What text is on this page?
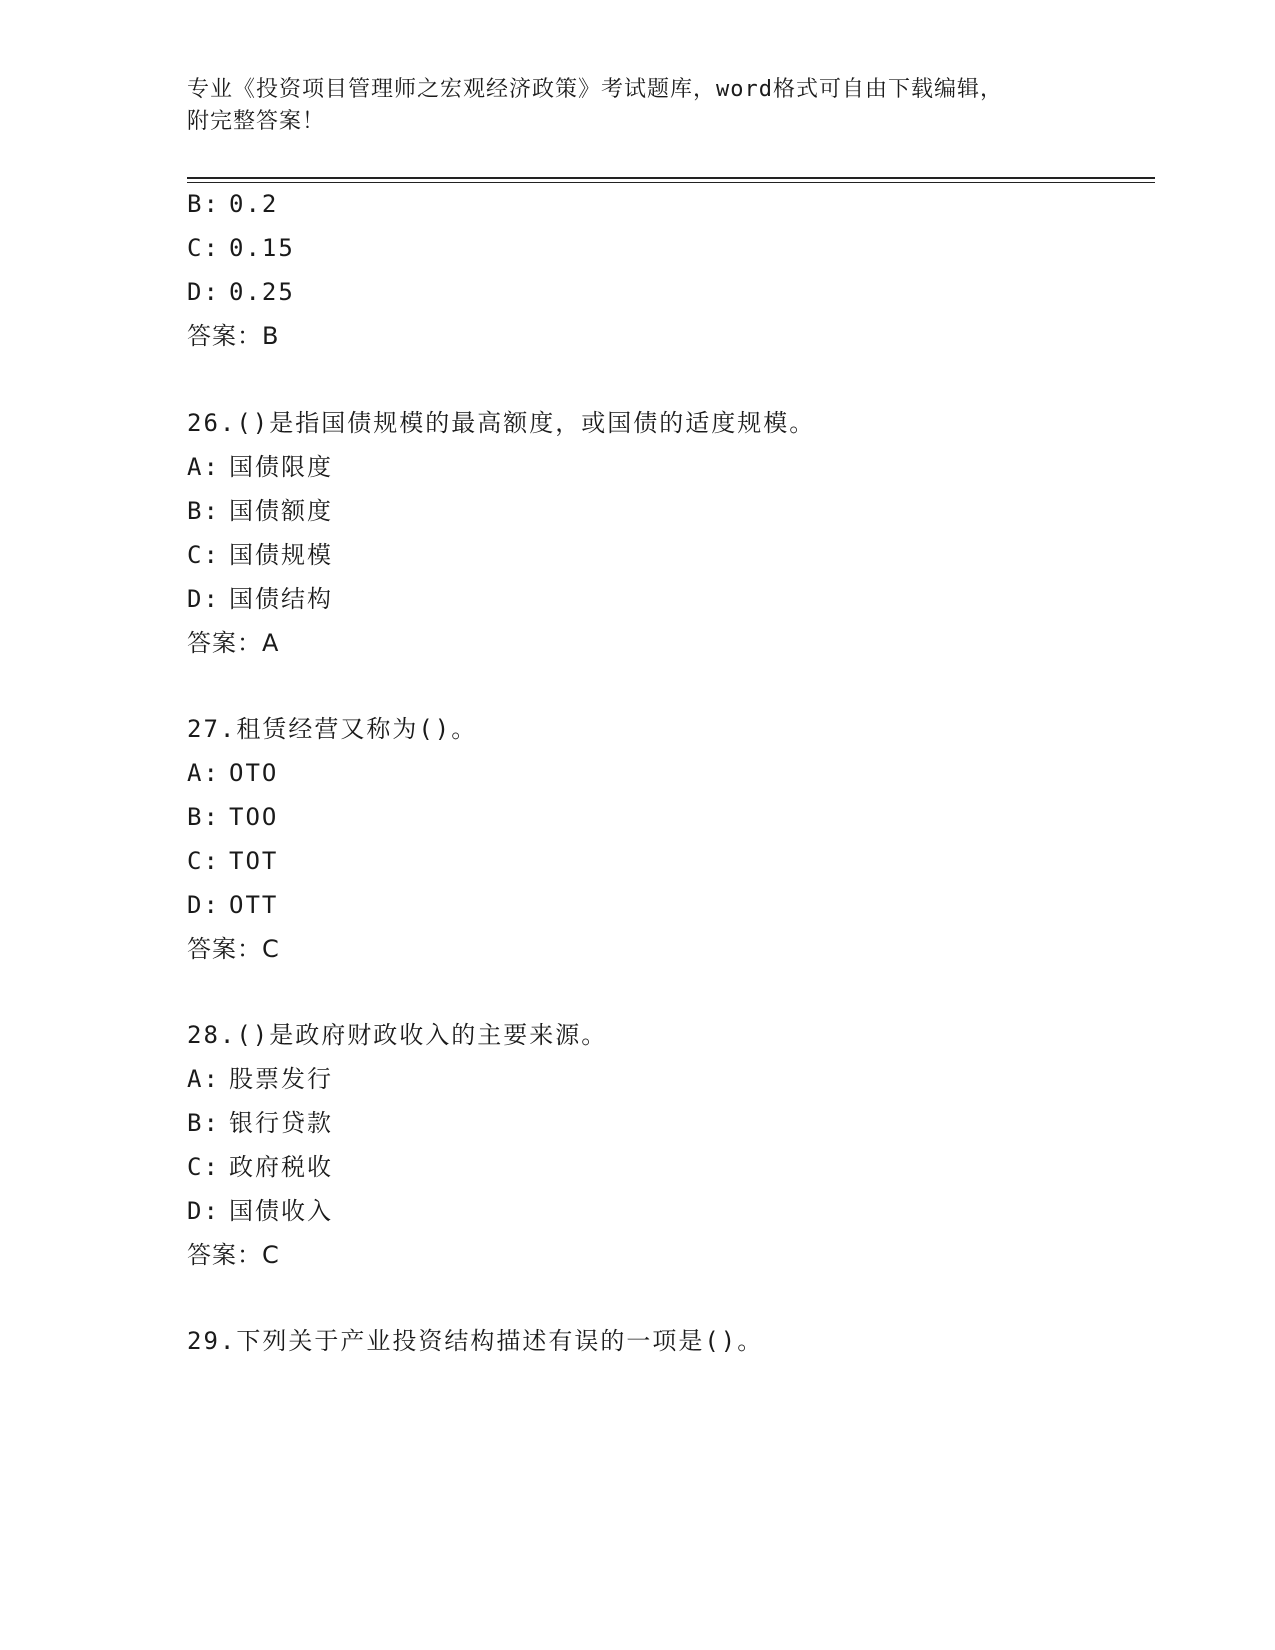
专业《投资项目管理师之宏观经济政策》考试题库，word格式可自由下载编辑，
附完整答案！
B: 0.2
C: 0.15
D: 0.25
答案：B
26.()是指国债规模的最高额度，或国债的适度规模。
A: 国债限度
B: 国债额度
C: 国债规模
D: 国债结构
答案：A
27.租赁经营又称为()。
A: OTO
B: TOO
C: TOT
D: OTT
答案：C
28.()是政府财政收入的主要来源。
A: 股票发行
B: 银行贷款
C: 政府税收
D: 国债收入
答案：C
29.下列关于产业投资结构描述有误的一项是()。
